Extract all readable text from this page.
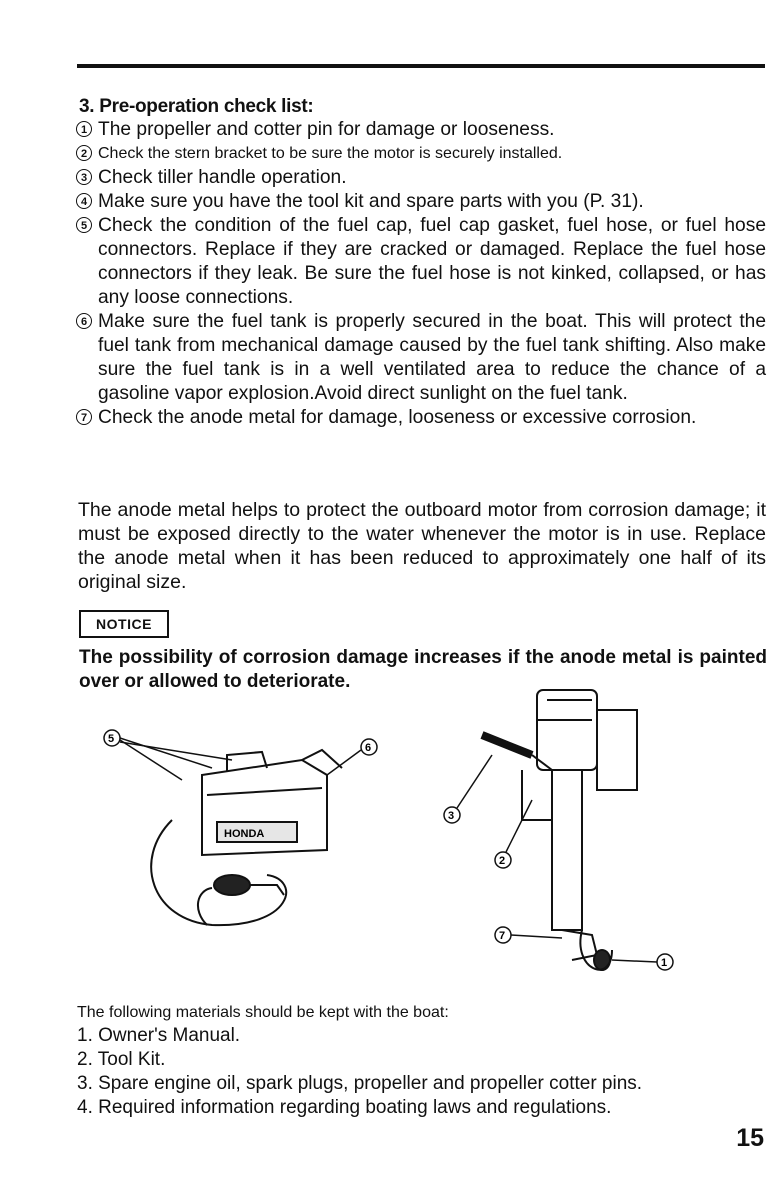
3. Pre-operation check list:
1 The propeller and cotter pin for damage or looseness.
2 Check the stern bracket to be sure the motor is securely installed.
3 Check tiller handle operation.
4 Make sure you have the tool kit and spare parts with you (P. 31).
5 Check the condition of the fuel cap, fuel cap gasket, fuel hose, or fuel hose connectors. Replace if they are cracked or damaged. Replace the fuel hose connectors if they leak. Be sure the fuel hose is not kinked, collapsed, or has any loose connections.
6 Make sure the fuel tank is properly secured in the boat. This will protect the fuel tank from mechanical damage caused by the fuel tank shifting. Also make sure the fuel tank is in a well ventilated area to reduce the chance of a gasoline vapor explosion.Avoid direct sunlight on the fuel tank.
7 Check the anode metal for damage, looseness or excessive corrosion.
The anode metal helps to protect the outboard motor from corrosion damage; it must be exposed directly to the water whenever the motor is in use. Replace the anode metal when it has been reduced to approximately one half of its original size.
NOTICE
The possibility of corrosion damage increases if the anode metal is painted over or allowed to deteriorate.
HONDA
5
6
3
2
7
1
The following materials should be kept with the boat:
1. Owner's Manual.
2. Tool Kit.
3. Spare engine oil, spark plugs, propeller and propeller cotter pins.
4. Required information regarding boating laws and regulations.
15
